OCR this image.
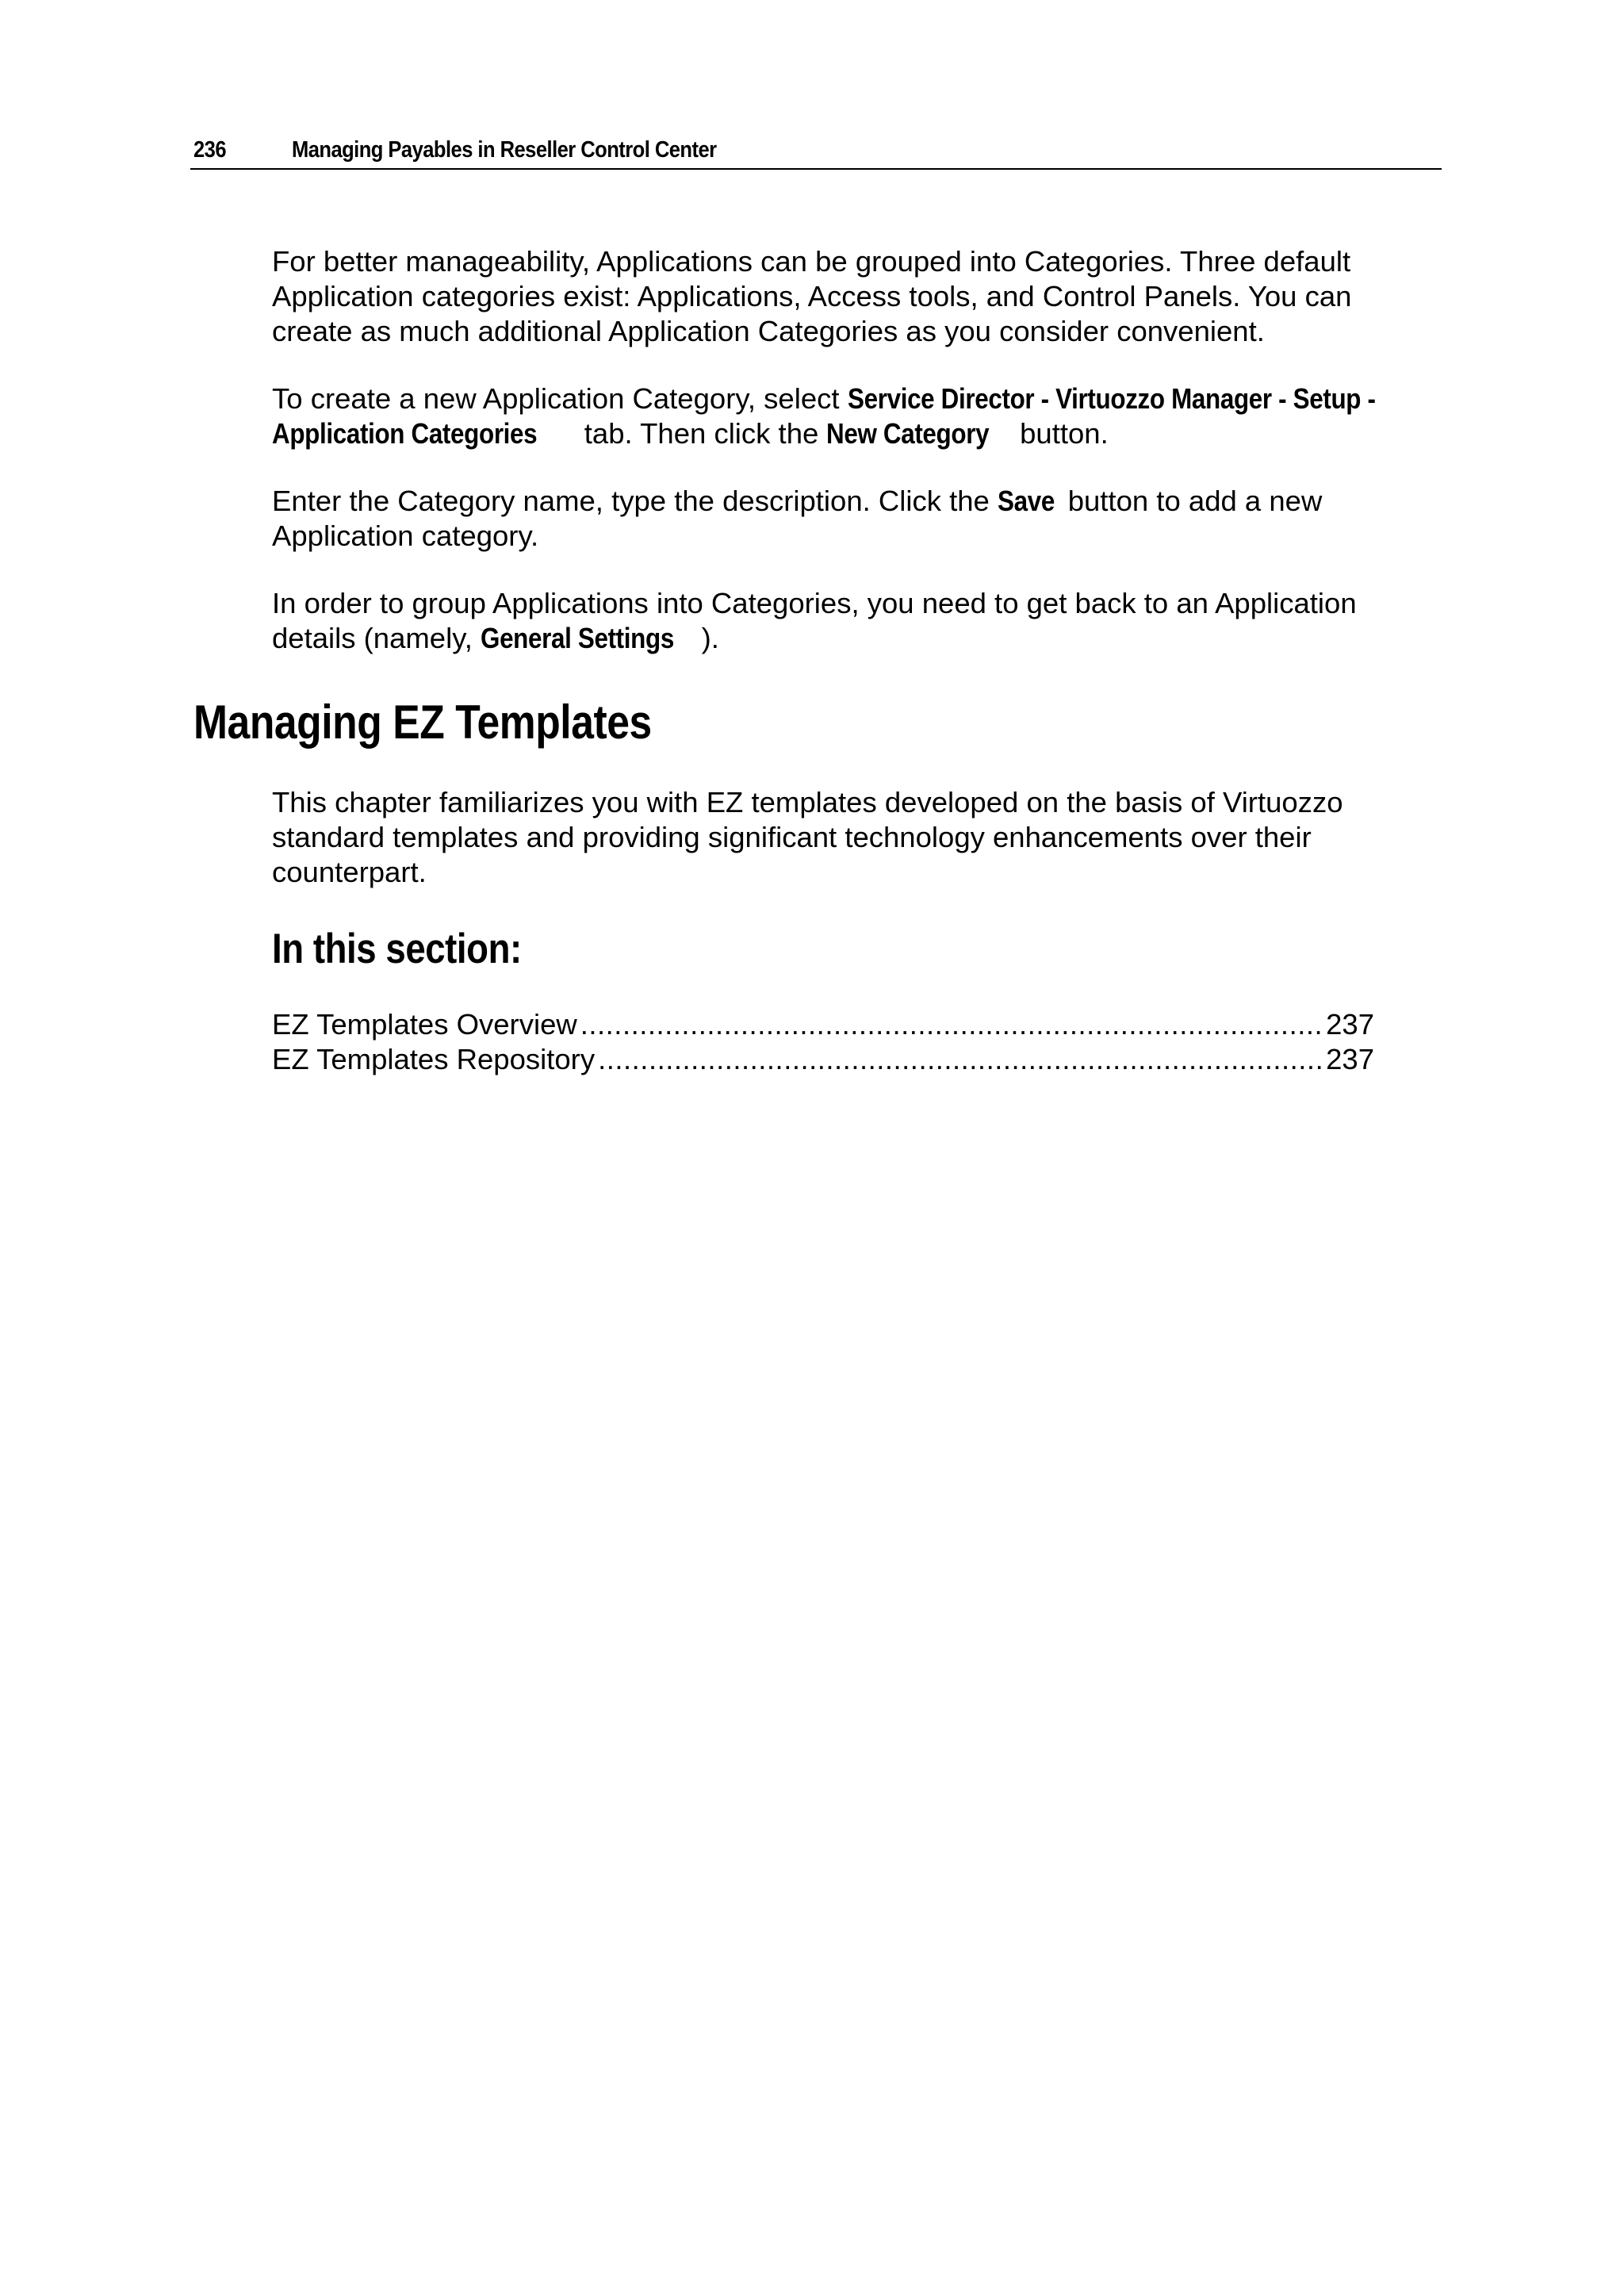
236	Managing Payables in Reseller Control Center
For better manageability, Applications can be grouped into Categories. Three default
Application categories exist: Applications, Access tools, and Control Panels. You can
create as much additional Application Categories as you consider convenient.
To create a new Application Category, select Service Director - Virtuozzo Manager - Setup -
Application Categories tab. Then click the New Category button.
Enter the Category name, type the description. Click the Save button to add a new
Application category.
In order to group Applications into Categories, you need to get back to an Application
details (namely, General Settings ).
Managing EZ Templates
This chapter familiarizes you with EZ templates developed on the basis of Virtuozzo
standard templates and providing significant technology enhancements over their
counterpart.
In this section:
EZ Templates Overview .....	237
EZ Templates Repository .....	237
